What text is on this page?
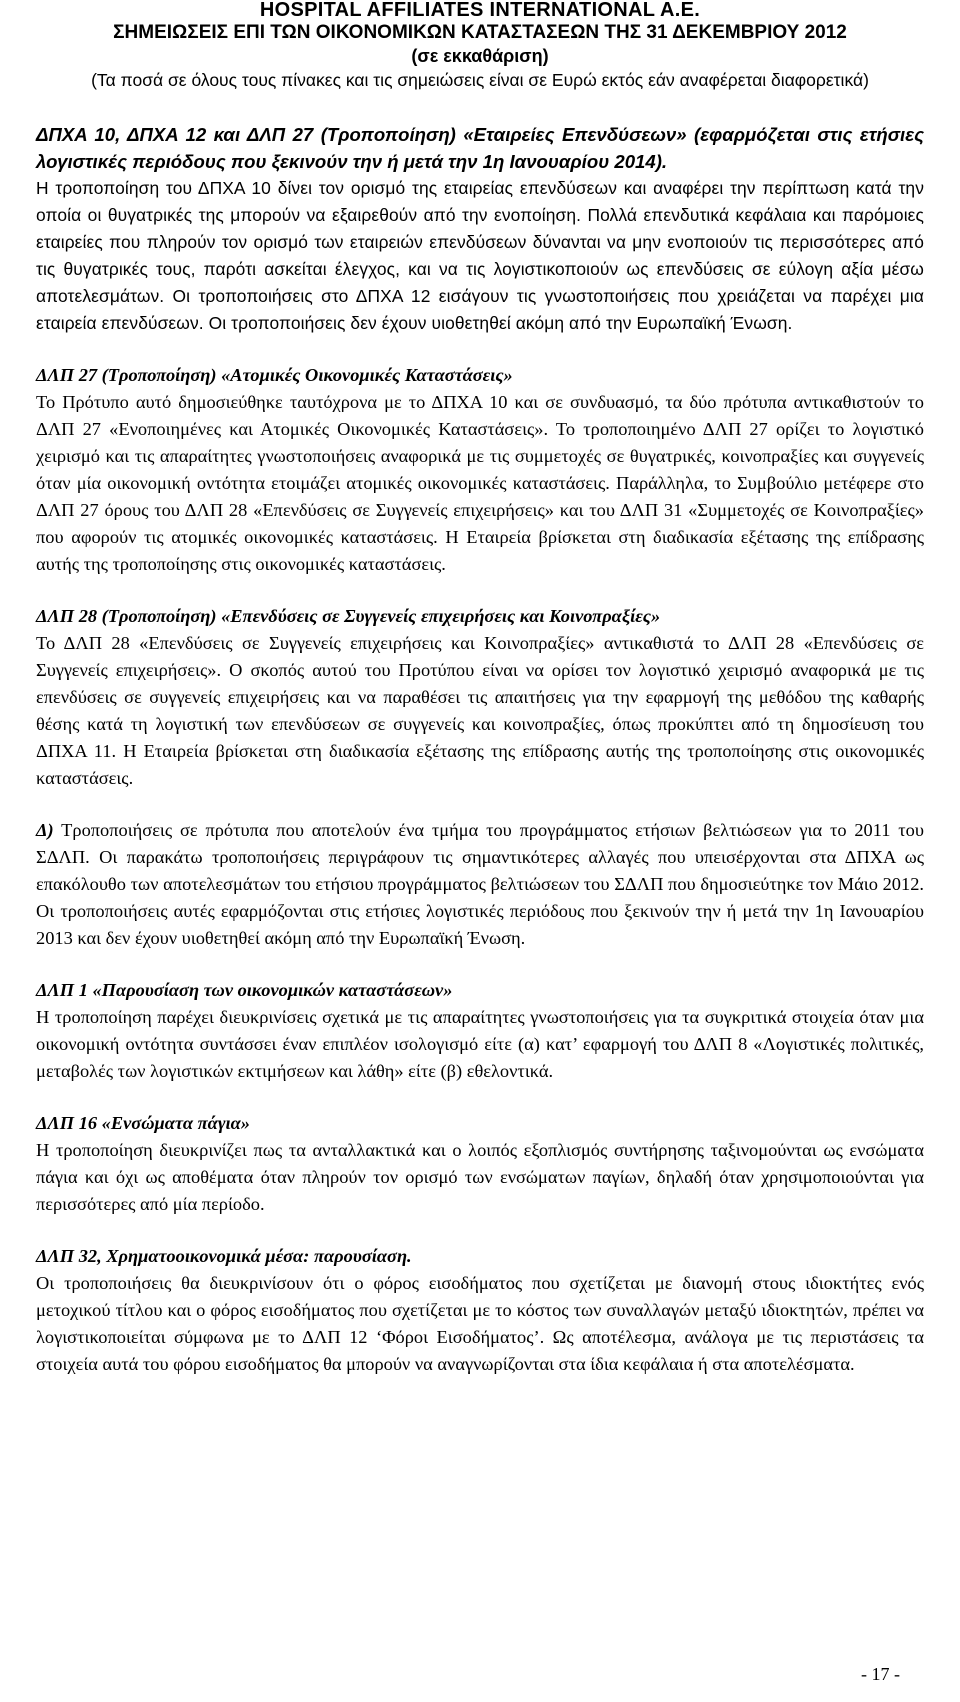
HOSPITAL AFFILIATES INTERNATIONAL A.E.
ΣΗΜΕΙΩΣΕΙΣ ΕΠΙ ΤΩΝ ΟΙΚΟΝΟΜΙΚΩΝ ΚΑΤΑΣΤΑΣΕΩΝ ΤΗΣ 31 ΔΕΚΕΜΒΡΙΟΥ 2012
(σε εκκαθάριση)
(Τα ποσά σε όλους τους πίνακες και τις σημειώσεις είναι σε Ευρώ εκτός εάν αναφέρεται διαφορετικά)
ΔΠΧΑ 10, ΔΠΧΑ 12 και ΔΛΠ 27 (Τροποποίηση) «Εταιρείες Επενδύσεων» (εφαρμόζεται στις ετήσιες λογιστικές περιόδους που ξεκινούν την ή μετά την 1η Ιανουαρίου 2014).
Η τροποποίηση του ΔΠΧΑ 10 δίνει τον ορισμό της εταιρείας επενδύσεων και αναφέρει την περίπτωση κατά την οποία οι θυγατρικές της μπορούν να εξαιρεθούν από την ενοποίηση. Πολλά επενδυτικά κεφάλαια και παρόμοιες εταιρείες που πληρούν τον ορισμό των εταιρειών επενδύσεων δύνανται να μην ενοποιούν τις περισσότερες από τις θυγατρικές τους, παρότι ασκείται έλεγχος, και να τις λογιστικοποιούν ως επενδύσεις σε εύλογη αξία μέσω αποτελεσμάτων. Οι τροποποιήσεις στο ΔΠΧΑ 12 εισάγουν τις γνωστοποιήσεις που χρειάζεται να παρέχει μια εταιρεία επενδύσεων. Οι τροποποιήσεις δεν έχουν υιοθετηθεί ακόμη από την Ευρωπαϊκή Ένωση.
ΔΛΠ 27 (Τροποποίηση) «Ατομικές Οικονομικές Καταστάσεις»
Το Πρότυπο αυτό δημοσιεύθηκε ταυτόχρονα με το ΔΠΧΑ 10 και σε συνδυασμό, τα δύο πρότυπα αντικαθιστούν το ΔΛΠ 27 «Ενοποιημένες και Ατομικές Οικονομικές Καταστάσεις». Το τροποποιημένο ΔΛΠ 27 ορίζει το λογιστικό χειρισμό και τις απαραίτητες γνωστοποιήσεις αναφορικά με τις συμμετοχές σε θυγατρικές, κοινοπραξίες και συγγενείς όταν μία οικονομική οντότητα ετοιμάζει ατομικές οικονομικές καταστάσεις. Παράλληλα, το Συμβούλιο μετέφερε στο ΔΛΠ 27 όρους του ΔΛΠ 28 «Επενδύσεις σε Συγγενείς επιχειρήσεις» και του ΔΛΠ 31 «Συμμετοχές σε Κοινοπραξίες» που αφορούν τις ατομικές οικονομικές καταστάσεις. Η Εταιρεία βρίσκεται στη διαδικασία εξέτασης της επίδρασης αυτής της τροποποίησης στις οικονομικές καταστάσεις.
ΔΛΠ 28 (Τροποποίηση) «Επενδύσεις σε Συγγενείς επιχειρήσεις και Κοινοπραξίες»
Το ΔΛΠ 28 «Επενδύσεις σε Συγγενείς επιχειρήσεις και Κοινοπραξίες» αντικαθιστά το ΔΛΠ 28 «Επενδύσεις σε Συγγενείς επιχειρήσεις». Ο σκοπός αυτού του Προτύπου είναι να ορίσει τον λογιστικό χειρισμό αναφορικά με τις επενδύσεις σε συγγενείς επιχειρήσεις και να παραθέσει τις απαιτήσεις για την εφαρμογή της μεθόδου της καθαρής θέσης κατά τη λογιστική των επενδύσεων σε συγγενείς και κοινοπραξίες, όπως προκύπτει από τη δημοσίευση του ΔΠΧΑ 11. Η Εταιρεία βρίσκεται στη διαδικασία εξέτασης της επίδρασης αυτής της τροποποίησης στις οικονομικές καταστάσεις.
Δ) Τροποποιήσεις σε πρότυπα που αποτελούν ένα τμήμα του προγράμματος ετήσιων βελτιώσεων για το 2011 του ΣΔΛΠ. Οι παρακάτω τροποποιήσεις περιγράφουν τις σημαντικότερες αλλαγές που υπεισέρχονται στα ΔΠΧΑ ως επακόλουθο των αποτελεσμάτων του ετήσιου προγράμματος βελτιώσεων του ΣΔΛΠ που δημοσιεύτηκε τον Μάιο 2012. Οι τροποποιήσεις αυτές εφαρμόζονται στις ετήσιες λογιστικές περιόδους που ξεκινούν την ή μετά την 1η Ιανουαρίου 2013 και δεν έχουν υιοθετηθεί ακόμη από την Ευρωπαϊκή Ένωση.
ΔΛΠ 1 «Παρουσίαση των οικονομικών καταστάσεων»
Η τροποποίηση παρέχει διευκρινίσεις σχετικά με τις απαραίτητες γνωστοποιήσεις για τα συγκριτικά στοιχεία όταν μια οικονομική οντότητα συντάσσει έναν επιπλέον ισολογισμό είτε (α) κατ’ εφαρμογή του ΔΛΠ 8 «Λογιστικές πολιτικές, μεταβολές των λογιστικών εκτιμήσεων και λάθη» είτε (β) εθελοντικά.
ΔΛΠ 16 «Ενσώματα πάγια»
Η τροποποίηση διευκρινίζει πως τα ανταλλακτικά και ο λοιπός εξοπλισμός συντήρησης ταξινομούνται ως ενσώματα πάγια και όχι ως αποθέματα όταν πληρούν τον ορισμό των ενσώματων παγίων, δηλαδή όταν χρησιμοποιούνται για περισσότερες από μία περίοδο.
ΔΛΠ 32, Χρηματοοικονομικά μέσα: παρουσίαση.
Οι τροποποιήσεις θα διευκρινίσουν ότι ο φόρος εισοδήματος που σχετίζεται με διανομή στους ιδιοκτήτες ενός μετοχικού τίτλου και ο φόρος εισοδήματος που σχετίζεται με το κόστος των συναλλαγών μεταξύ ιδιοκτητών, πρέπει να λογιστικοποιείται σύμφωνα με το ΔΛΠ 12 ‘Φόροι Εισοδήματος’. Ως αποτέλεσμα, ανάλογα με τις περιστάσεις τα στοιχεία αυτά του φόρου εισοδήματος θα μπορούν να αναγνωρίζονται στα ίδια κεφάλαια ή στα αποτελέσματα.
- 17 -
